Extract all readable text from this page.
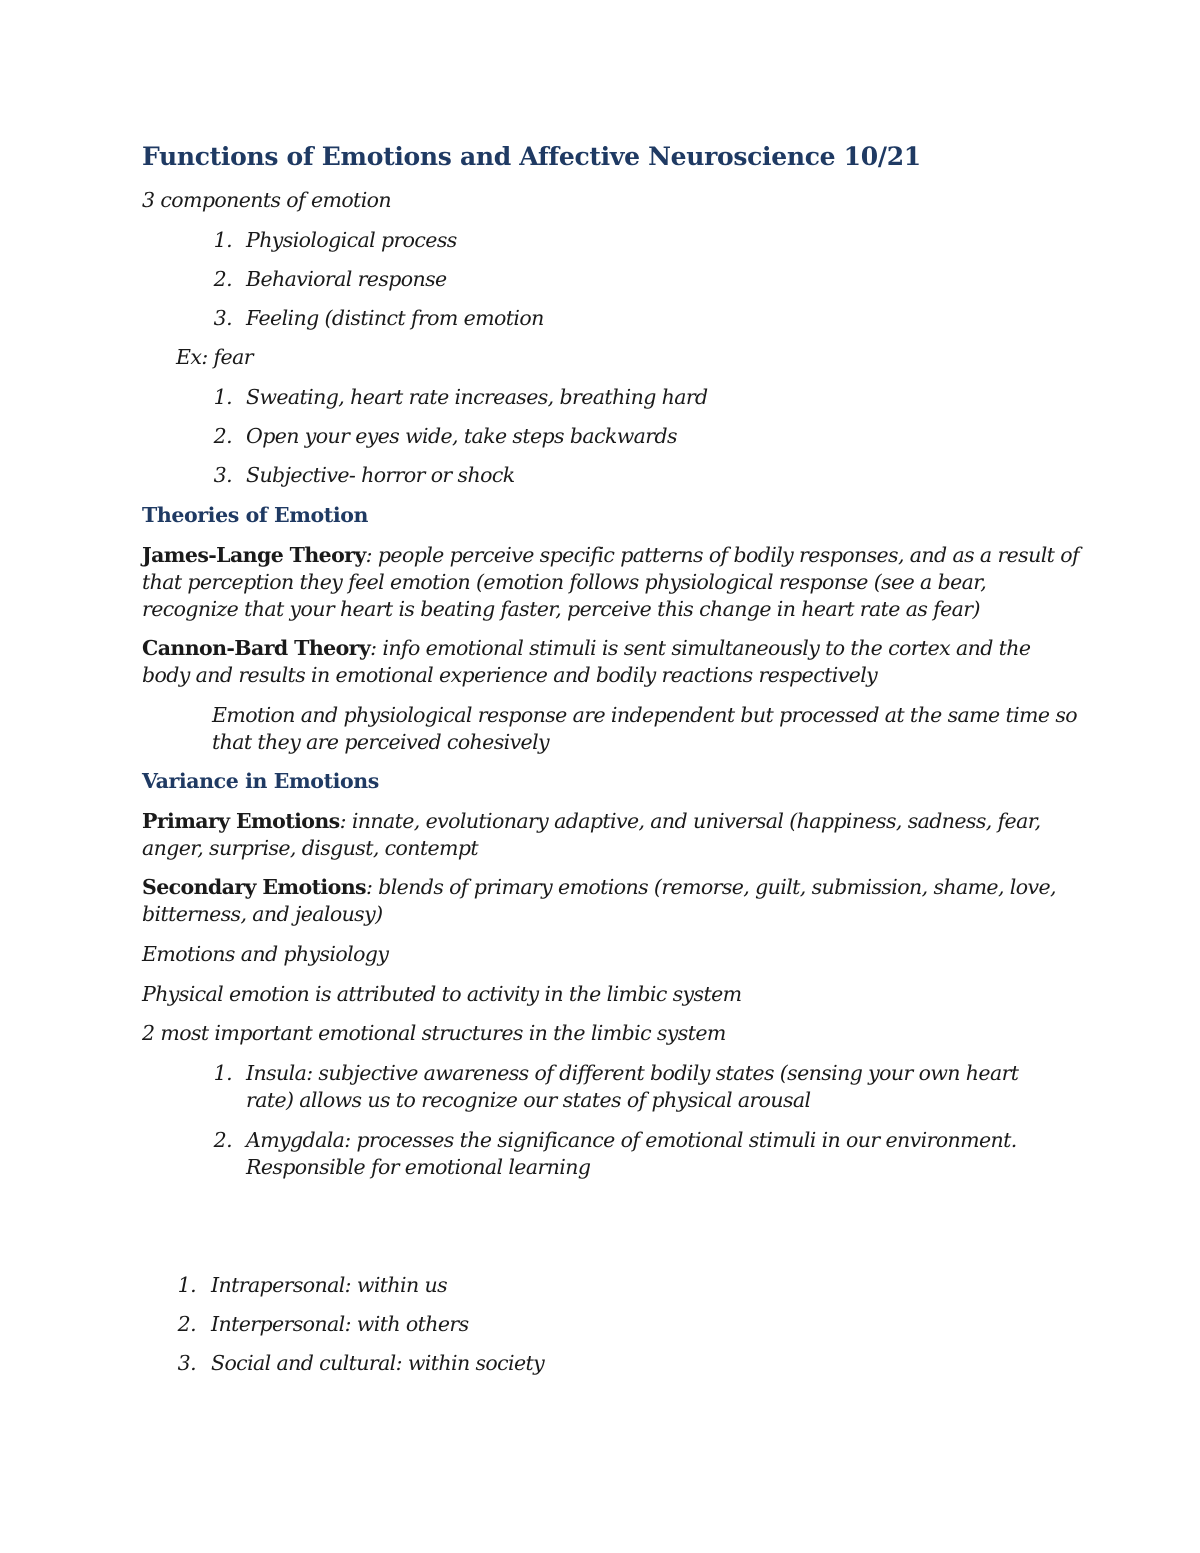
Functions of Emotions and Affective Neuroscience 10/21
3 components of emotion
1. Physiological process
2. Behavioral response
3. Feeling (distinct from emotion
Ex: fear
1. Sweating, heart rate increases, breathing hard
2. Open your eyes wide, take steps backwards
3. Subjective- horror or shock
Theories of Emotion
James-Lange Theory: people perceive specific patterns of bodily responses, and as a result of
that perception they feel emotion (emotion follows physiological response (see a bear,
recognize that your heart is beating faster, perceive this change in heart rate as fear)
Cannon-Bard Theory: info emotional stimuli is sent simultaneously to the cortex and the
body and results in emotional experience and bodily reactions respectively
Emotion and physiological response are independent but processed at the same time so
that they are perceived cohesively
Variance in Emotions
Primary Emotions: innate, evolutionary adaptive, and universal (happiness, sadness, fear,
anger, surprise, disgust, contempt
Secondary Emotions: blends of primary emotions (remorse, guilt, submission, shame, love,
bitterness, and jealousy)
Emotions and physiology
Physical emotion is attributed to activity in the limbic system
2 most important emotional structures in the limbic system
1. Insula: subjective awareness of different bodily states (sensing your own heart
rate) allows us to recognize our states of physical arousal
2. Amygdala: processes the significance of emotional stimuli in our environment.
Responsible for emotional learning
1. Intrapersonal: within us
2. Interpersonal: with others
3. Social and cultural: within society
